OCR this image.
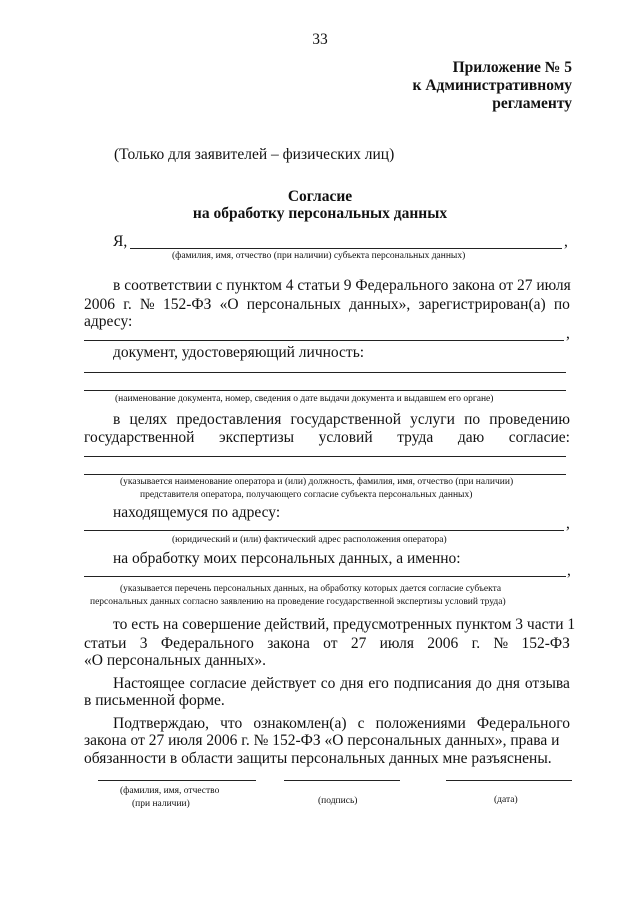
33
Приложение № 5
к Административному
регламенту
(Только для заявителей – физических лиц)
Согласие
на обработку персональных данных
Я,	,
(фамилия, имя, отчество (при наличии) субъекта персональных данных)
в соответствии с пунктом 4 статьи 9 Федерального закона от 27 июля
2006 г. № 152-ФЗ «О персональных данных», зарегистрирован(а) по
адресу:
,
документ, удостоверяющий личность:
(наименование документа, номер, сведения о дате выдачи документа и выдавшем его органе)
в целях предоставления государственной услуги по проведению
государственной экспертизы условий труда даю согласие:
(указывается наименование оператора и (или) должность, фамилия, имя, отчество (при наличии)
представителя оператора, получающего согласие субъекта персональных данных)
находящемуся по адресу:
,
(юридический и (или) фактический адрес расположения оператора)
на обработку моих персональных данных, а именно:
,
(указывается перечень персональных данных, на обработку которых дается согласие субъекта
персональных данных согласно заявлению на проведение государственной экспертизы условий труда)
то есть на совершение действий, предусмотренных пунктом 3 части 1
статьи 3 Федерального закона от 27 июля 2006 г. № 152-ФЗ
«О персональных данных».
Настоящее согласие действует со дня его подписания до дня отзыва
в письменной форме.
Подтверждаю, что ознакомлен(а) с положениями Федерального
закона от 27 июля 2006 г. № 152-ФЗ «О персональных данных», права и
обязанности в области защиты персональных данных мне разъяснены.
(фамилия, имя, отчество
(при наличии)	(подпись)	(дата)
